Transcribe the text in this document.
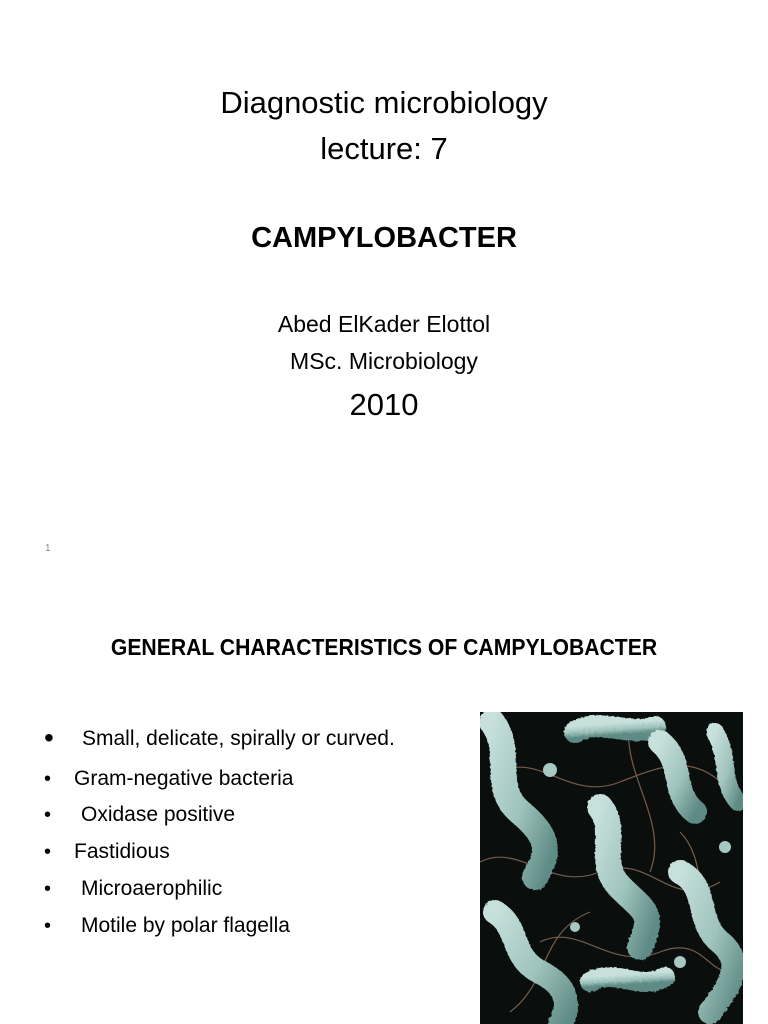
Diagnostic microbiology
lecture: 7
CAMPYLOBACTER
Abed ElKader Elottol
MSc. Microbiology
2010
1
GENERAL CHARACTERISTICS OF CAMPYLOBACTER
• Small, delicate, spirally or curved.
• Gram-negative bacteria
• Oxidase positive
• Fastidious
• Microaerophilic
• Motile by polar flagella
